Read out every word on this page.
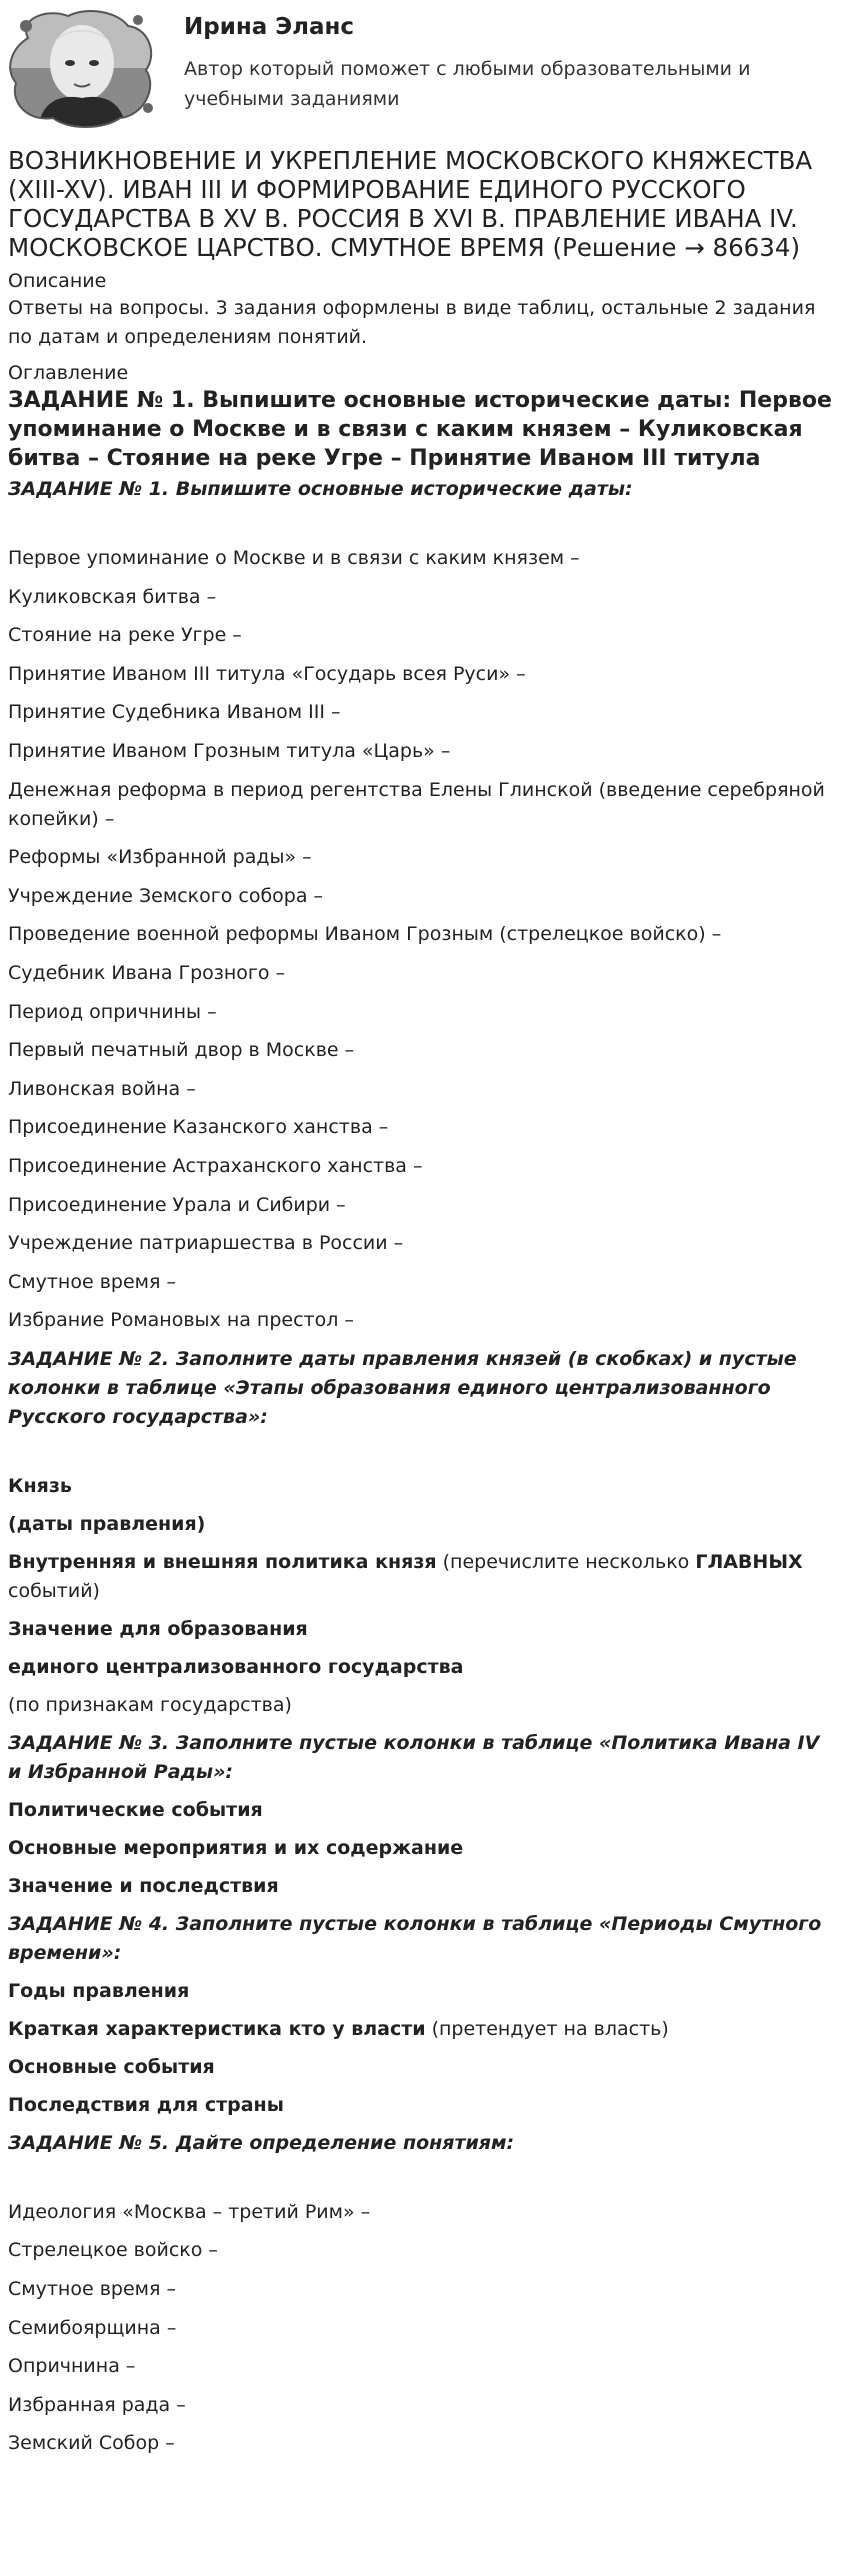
Ирина Эланс
Автор который поможет с любыми образовательными и учебными заданиями
ВОЗНИКНОВЕНИЕ И УКРЕПЛЕНИЕ МОСКОВСКОГО КНЯЖЕСТВА (XIII-XV). ИВАН III И ФОРМИРОВАНИЕ ЕДИНОГО РУССКОГО ГОСУДАРСТВА В XV В. РОССИЯ В XVI В. ПРАВЛЕНИЕ ИВАНА IV. МОСКОВСКОЕ ЦАРСТВО. СМУТНОЕ ВРЕМЯ (Решение → 86634)

Описание

Ответы на вопросы. 3 задания оформлены в виде таблиц, остальные 2 задания по датам и определениям понятий.

Оглавление

ЗАДАНИЕ № 1. Выпишите основные исторические даты: Первое упоминание о Москве и в связи с каким князем – Куликовская битва – Стояние на реке Угре – Принятие Иваном III титула

ЗАДАНИЕ № 1. Выпишите основные исторические даты:

Первое упоминание о Москве и в связи с каким князем –
Куликовская битва –
Стояние на реке Угре –
Принятие Иваном III титула «Государь всея Руси» –
Принятие Судебника Иваном III –
Принятие Иваном Грозным титула «Царь» –
Денежная реформа в период регентства Елены Глинской (введение серебряной копейки) –
Реформы «Избранной рады» –
Учреждение Земского собора –
Проведение военной реформы Иваном Грозным (стрелецкое войско) –
Судебник Ивана Грозного –
Период опричнины –
Первый печатный двор в Москве –
Ливонская война –
Присоединение Казанского ханства –
Присоединение Астраханского ханства –
Присоединение Урала и Сибири –
Учреждение патриаршества в России –
Смутное время –
Избрание Романовых на престол –

ЗАДАНИЕ № 2. Заполните даты правления князей (в скобках) и пустые колонки в таблице «Этапы образования единого централизованного Русского государства»:

Князь

(даты правления)

Внутренняя и внешняя политика князя (перечислите несколько ГЛАВНЫХ событий)

Значение для образования

единого централизованного государства

(по признакам государства)

ЗАДАНИЕ № 3. Заполните пустые колонки в таблице «Политика Ивана IV и Избранной Рады»:

Политические события

Основные мероприятия и их содержание

Значение и последствия

ЗАДАНИЕ № 4. Заполните пустые колонки в таблице «Периоды Смутного времени»:

Годы правления

Краткая характеристика кто у власти (претендует на власть)

Основные события

Последствия для страны

ЗАДАНИЕ № 5. Дайте определение понятиям:

Идеология «Москва – третий Рим» –
Стрелецкое войско –
Смутное время –
Семибоярщина –
Опричнина –
Избранная рада –
Земский Собор –
